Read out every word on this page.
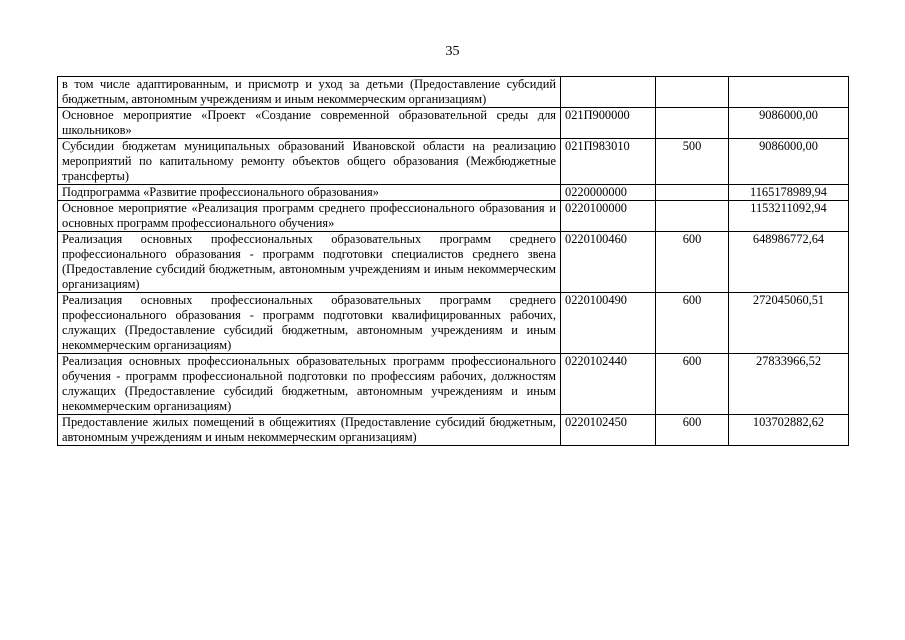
35
в том числе адаптированным, и присмотр и уход за детьми (Предоставление субсидий бюджетным, автономным учреждениям и иным некоммерческим организациям)			
Основное мероприятие «Проект «Создание современной образовательной среды для школьников»	021П900000		9086000,00
Субсидии бюджетам муниципальных образований Ивановской области на реализацию мероприятий по капитальному ремонту объектов общего образования (Межбюджетные трансферты)	021П983010	500	9086000,00
Подпрограмма «Развитие профессионального образования»	0220000000		1165178989,94
Основное мероприятие «Реализация программ среднего профессионального образования и основных программ профессионального обучения»	0220100000		1153211092,94
Реализация основных профессиональных образовательных программ среднего профессионального образования - программ подготовки специалистов среднего звена (Предоставление субсидий бюджетным, автономным учреждениям и иным некоммерческим организациям)	0220100460	600	648986772,64
Реализация основных профессиональных образовательных программ среднего профессионального образования - программ подготовки квалифицированных рабочих, служащих (Предоставление субсидий бюджетным, автономным учреждениям и иным некоммерческим организациям)	0220100490	600	272045060,51
Реализация основных профессиональных образовательных программ профессионального обучения - программ профессиональной подготовки по профессиям рабочих, должностям служащих (Предоставление субсидий бюджетным, автономным учреждениям и иным некоммерческим организациям)	0220102440	600	27833966,52
Предоставление жилых помещений в общежитиях (Предоставление субсидий бюджетным, автономным учреждениям и иным некоммерческим организациям)	0220102450	600	103702882,62
